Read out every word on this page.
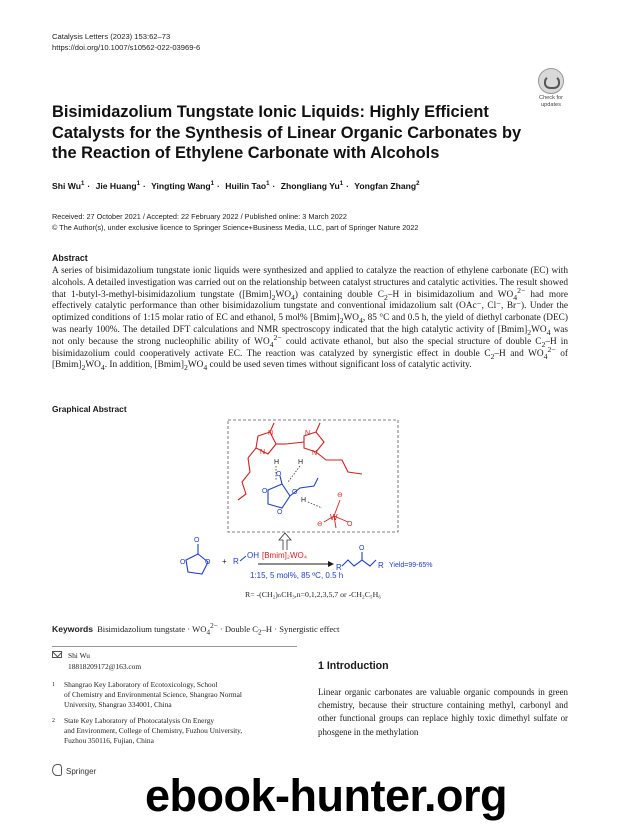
Catalysis Letters (2023) 153:62–73
https://doi.org/10.1007/s10562-022-03969-6
Check for
updates
Bisimidazolium Tungstate Ionic Liquids: Highly Efficient Catalysts for the Synthesis of Linear Organic Carbonates by the Reaction of Ethylene Carbonate with Alcohols
Shi $Wu^1$ · Jie Huang$^1$ · Yingting Wang$^1$ · Huilin Tao$^1$ · Zhongliang $Yu^1$ · Yongfan Zhang$^2$
Received: 27 October 2021 / Accepted: 22 February 2022 / Published online: 3 March 2022
© The Author(s), under exclusive licence to Springer Science+Business Media, LLC, part of Springer Nature 2022
Abstract

A series of bisimidazolium tungstate ionic liquids were synthesized and applied to catalyze the reaction of ethylene carbonate (EC) with alcohols. A detailed investigation was carried out on the relationship between catalyst structures and catalytic activities. The result showed that 1-butyl-3-methyl-bisimidazolium tungstate $([Bmim]_2WO_4)$ containing double $C_2-H$ in bisimidazolium and $WO_4^{2-}$ had more effectively catalytic performance than other bisimidazolium tungstate and conventional imidazolium salt (OAc⁻, Cl⁻, Br⁻). Under the optimized conditions of 1:15 molar ratio of EC and ethanol, 5 mol% $[Bmim]_2WO_4$, 85 °C and 0.5 h, the yield of diethyl carbonate (DEC) was nearly 100%. The detailed DFT calculations and NMR spectroscopy indicated that the high catalytic activity of $[Bmim]_2WO_4$ was not only because the strong nucleophilic ability of $WO_4^{2-}$ could activate ethanol, but also the special structure of double $C_2-H$ in bisimidazolium could cooperatively activate EC. The reaction was catalyzed by synergistic effect in double $C_2-H$ and $WO_4^{2-}$ of $[Bmim]_2WO_4$. In addition, $[Bmim]_2WO_4$ could be used seven times without significant loss of catalytic activity.

Graphical Abstract
N
N	N
N
H	H
H
O
O
O
O	⊖
⊖
W
O
O
O	O + R
OH [Bmim]₂WO₄
1:15, 5 mol%, 85 ºC, 0.5 h
O
R	R Yield=99-65%
R= -(CH₂)ₙCH₃,n=0,1,2,3,5,7 or -CH₂C₅H₆
Keywords Bisimidazolium tungstate · $WO_4^{2-}$ · Double $C_2-H$ · Synergistic effect
Shi Wu
18818209172@163.com
1 Shangrao Key Laboratory of Ecotoxicology, School
of Chemistry and Environmental Science, Shangrao Normal
University, Shangrao 334001, China
2 State Key Laboratory of Photocatalysis On Energy
and Environment, College of Chemistry, Fuzhou University,
Fuzhou 350116, Fujian, China
Springer
1 Introduction

Linear organic carbonates are valuable organic compounds in green chemistry, because their structure containing methyl, carbonyl and other functional groups can replace highly toxic dimethyl sulfate or phosgene in the methylation

ebook-hunter.org
